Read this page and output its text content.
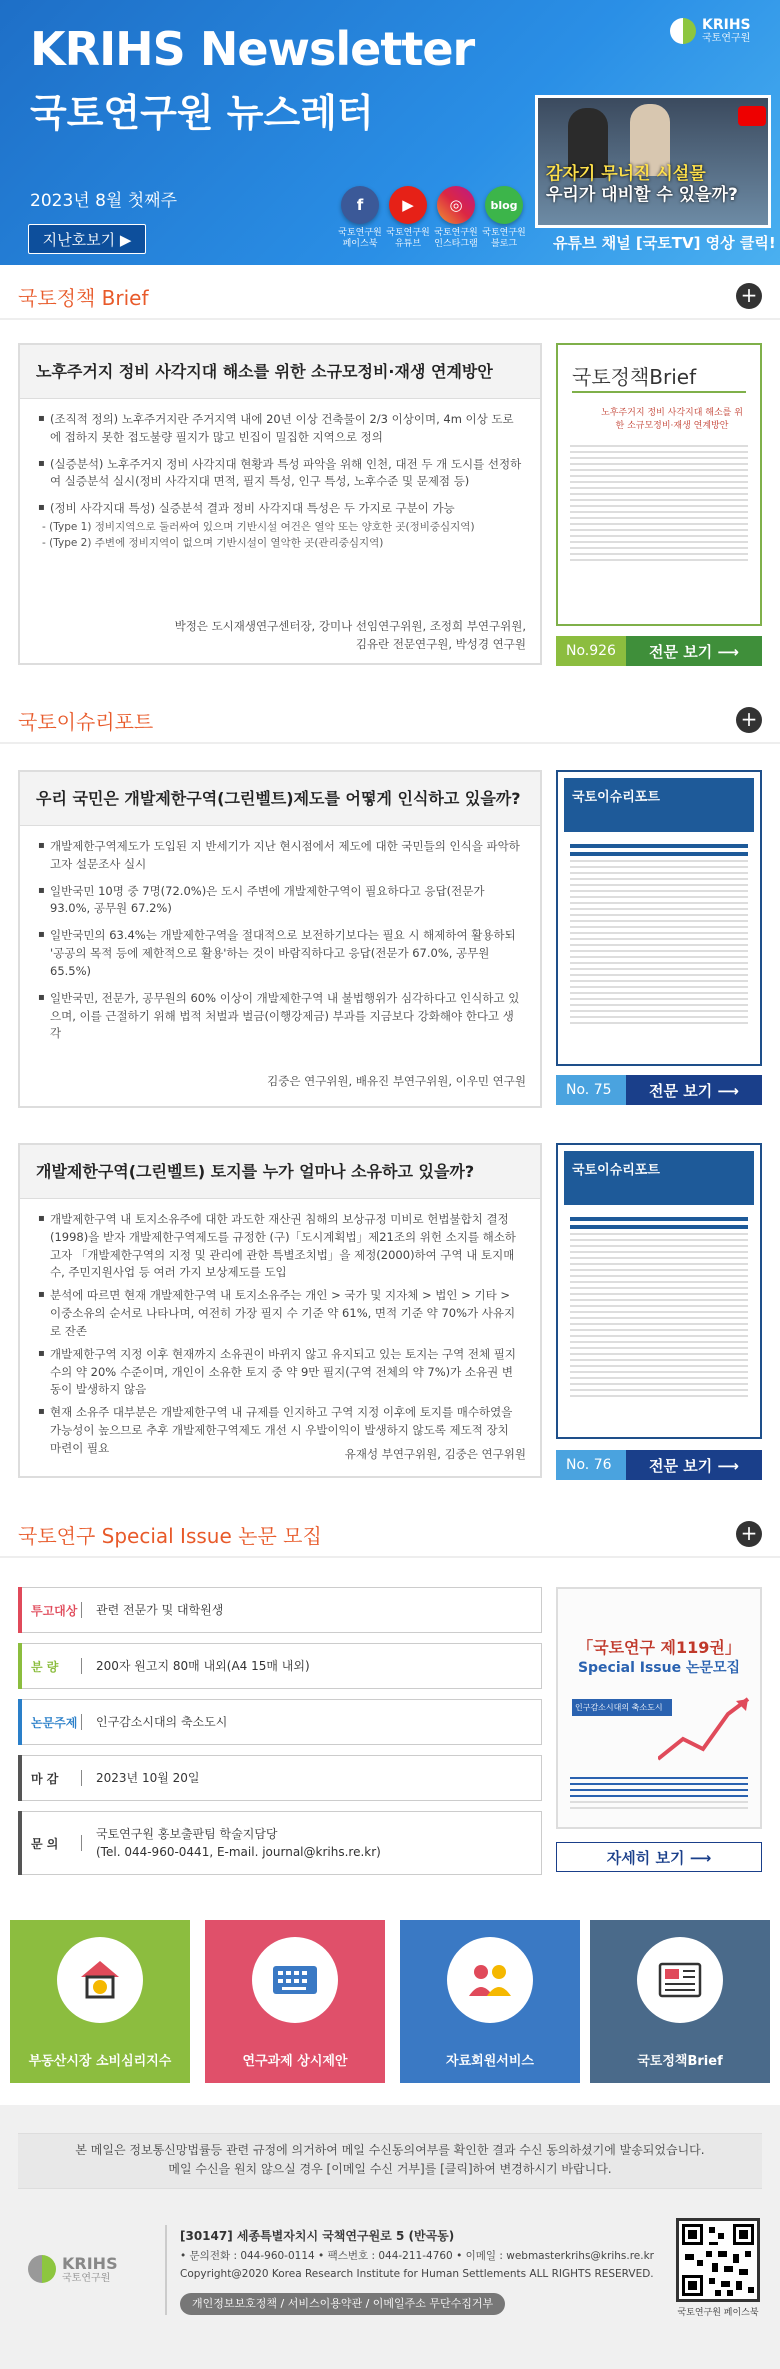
KRIHS Newsletter
국토연구원 뉴스레터
2023년 8월 첫째주
지난호보기 ▶
KRIHS
국토연구원
f
국토연구원 페이스북
▶
국토연구원 유튜브
◎
국토연구원 인스타그램
blog
국토연구원 블로그
감자기 무너진 시설물
우리가 대비할 수 있을까?
유튜브 채널 [국토TV] 영상 클릭!
국토정책 Brief	+
노후주거지 정비 사각지대 해소를 위한 소규모정비·재생 연계방안
▪ (조직적 정의) 노후주거지란 주거지역 내에 20년 이상 건축물이 2/3 이상이며, 4m 이상 도로에 접하지 못한 접도불량 필지가 많고 빈집이 밀집한 지역으로 정의
▪ (실증분석) 노후주거지 정비 사각지대 현황과 특성 파악을 위해 인천, 대전 두 개 도시를 선정하여 실증분석 실시(정비 사각지대 면적, 필지 특성, 인구 특성, 노후수준 및 문제점 등)
▪ (정비 사각지대 특성) 실증분석 결과 정비 사각지대 특성은 두 가지로 구분이 가능
- (Type 1) 정비지역으로 둘러싸여 있으며 기반시설 여건은 열악 또는 양호한 곳(정비중심지역)
- (Type 2) 주변에 정비지역이 없으며 기반시설이 열악한 곳(관리중심지역)
박정은 도시재생연구센터장, 강미나 선임연구위원, 조정희 부연구위원,
김유란 전문연구원, 박성경 연구원
국토정책Brief
노후주거지 정비 사각지대 해소를 위한 소규모정비·재생 연계방안
No.926	전문 보기 ⟶
국토이슈리포트	+
우리 국민은 개발제한구역(그린벨트)제도를 어떻게 인식하고 있을까?
▪ 개발제한구역제도가 도입된 지 반세기가 지난 현시점에서 제도에 대한 국민들의 인식을 파악하고자 설문조사 실시
▪ 일반국민 10명 중 7명(72.0%)은 도시 주변에 개발제한구역이 필요하다고 응답(전문가 93.0%, 공무원 67.2%)
▪ 일반국민의 63.4%는 개발제한구역을 절대적으로 보전하기보다는 필요 시 해제하여 활용하되 '공공의 목적 등에 제한적으로 활용'하는 것이 바람직하다고 응답(전문가 67.0%, 공무원 65.5%)
▪ 일반국민, 전문가, 공무원의 60% 이상이 개발제한구역 내 불법행위가 심각하다고 인식하고 있으며, 이를 근절하기 위해 법적 처벌과 벌금(이행강제금) 부과를 지금보다 강화해야 한다고 생각
김중은 연구위원, 배유진 부연구위원, 이우민 연구원
국토이슈리포트
No. 75	전문 보기 ⟶
개발제한구역(그린벨트) 토지를 누가 얼마나 소유하고 있을까?
▪ 개발제한구역 내 토지소유주에 대한 과도한 재산권 침해의 보상규정 미비로 헌법불합치 결정(1998)을 받자 개발제한구역제도를 규정한 (구)「도시계획법」제21조의 위헌 소지를 해소하고자 「개발제한구역의 지정 및 관리에 관한 특별조치법」을 제정(2000)하여 구역 내 토지매수, 주민지원사업 등 여러 가지 보상제도를 도입
▪ 분석에 따르면 현재 개발제한구역 내 토지소유주는 개인 > 국가 및 지자체 > 법인 > 기타 > 이중소유의 순서로 나타나며, 여전히 가장 필지 수 기준 약 61%, 면적 기준 약 70%가 사유지로 잔존
▪ 개발제한구역 지정 이후 현재까지 소유권이 바뀌지 않고 유지되고 있는 토지는 구역 전체 필지 수의 약 20% 수준이며, 개인이 소유한 토지 중 약 9만 필지(구역 전체의 약 7%)가 소유권 변동이 발생하지 않음
▪ 현재 소유주 대부분은 개발제한구역 내 규제를 인지하고 구역 지정 이후에 토지를 매수하였을 가능성이 높으므로 추후 개발제한구역제도 개선 시 우발이익이 발생하지 않도록 제도적 장치 마련이 필요	유재성 부연구위원, 김중은 연구위원
국토이슈리포트
No. 76	전문 보기 ⟶
국토연구 Special Issue 논문 모집	+
투고대상	관련 전문가 및 대학원생
분 량	200자 원고지 80매 내외(A4 15매 내외)
논문주제	인구감소시대의 축소도시
마 감	2023년 10월 20일
문 의
국토연구원 홍보출판팀 학술지담당
(Tel. 044-960-0441, E-mail. journal@krihs.re.kr)
「국토연구 제119권」
Special Issue 논문모집
인구감소시대의 축소도시
자세히 보기 ⟶
부동산시장 소비심리지수	연구과제 상시제안	자료회원서비스	국토정책Brief
본 메일은 정보통신망법률등 관련 규정에 의거하여 메일 수신동의여부를 확인한 결과 수신 동의하셨기에 발송되었습니다.
메일 수신을 원치 않으실 경우 [이메일 수신 거부]를 [클릭]하여 변경하시기 바랍니다.
KRIHS
국토연구원
[30147] 세종특별자치시 국책연구원로 5 (반곡동)
• 문의전화 : 044-960-0114 • 팩스번호 : 044-211-4760 • 이메일 : webmasterkrihs@krihs.re.kr
Copyright@2020 Korea Research Institute for Human Settlements ALL RIGHTS RESERVED.
개인정보보호정책 / 서비스이용약관 / 이메일주소 무단수집거부
국토연구원 페이스북
